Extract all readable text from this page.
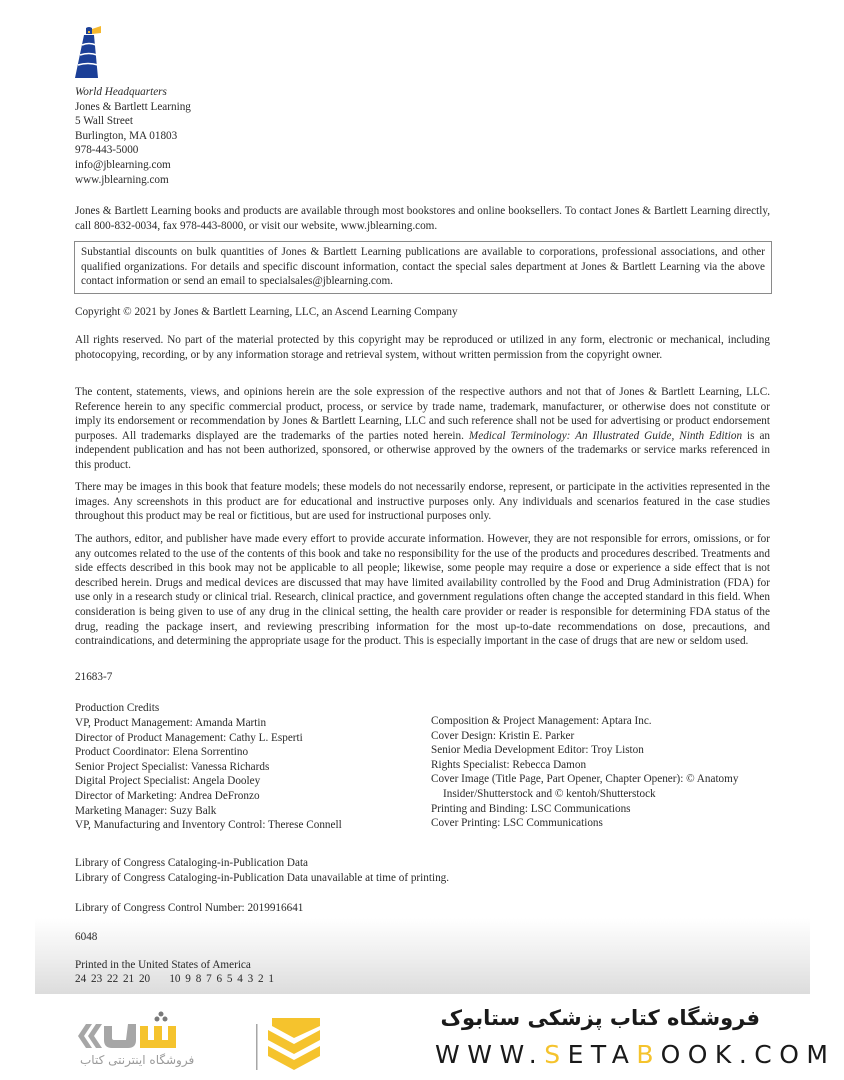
World Headquarters
Jones & Bartlett Learning
5 Wall Street
Burlington, MA 01803
978-443-5000
info@jblearning.com
www.jblearning.com

Jones & Bartlett Learning books and products are available through most bookstores and online booksellers. To contact Jones & Bartlett Learning directly, call 800-832-0034, fax 978-443-8000, or visit our website, www.jblearning.com.

Substantial discounts on bulk quantities of Jones & Bartlett Learning publications are available to corporations, professional associations, and other qualified organizations. For details and specific discount information, contact the special sales department at Jones & Bartlett Learning via the above contact information or send an email to specialsales@jblearning.com.
Copyright © 2021 by Jones & Bartlett Learning, LLC, an Ascend Learning Company

All rights reserved. No part of the material protected by this copyright may be reproduced or utilized in any form, electronic or mechanical, including photocopying, recording, or by any information storage and retrieval system, without written permission from the copyright owner.

The content, statements, views, and opinions herein are the sole expression of the respective authors and not that of Jones & Bartlett Learning, LLC. Reference herein to any specific commercial product, process, or service by trade name, trademark, manufacturer, or otherwise does not constitute or imply its endorsement or recommendation by Jones & Bartlett Learning, LLC and such reference shall not be used for advertising or product endorsement purposes. All trademarks displayed are the trademarks of the parties noted herein. Medical Terminology: An Illustrated Guide, Ninth Edition is an independent publication and has not been authorized, sponsored, or otherwise approved by the owners of the trademarks or service marks referenced in this product.

There may be images in this book that feature models; these models do not necessarily endorse, represent, or participate in the activities represented in the images. Any screenshots in this product are for educational and instructive purposes only. Any individuals and scenarios featured in the case studies throughout this product may be real or fictitious, but are used for instructional purposes only.

The authors, editor, and publisher have made every effort to provide accurate information. However, they are not responsible for errors, omissions, or for any outcomes related to the use of the contents of this book and take no responsibility for the use of the products and procedures described. Treatments and side effects described in this book may not be applicable to all people; likewise, some people may require a dose or experience a side effect that is not described herein. Drugs and medical devices are discussed that may have limited availability controlled by the Food and Drug Administration (FDA) for use only in a research study or clinical trial. Research, clinical practice, and government regulations often change the accepted standard in this field. When consideration is being given to use of any drug in the clinical setting, the health care provider or reader is responsible for determining FDA status of the drug, reading the package insert, and reviewing prescribing information for the most up-to-date recommendations on dose, precautions, and contraindications, and determining the appropriate usage for the product. This is especially important in the case of drugs that are new or seldom used.

21683-7
Production Credits
VP, Product Management: Amanda Martin
Director of Product Management: Cathy L. Esperti
Product Coordinator: Elena Sorrentino
Senior Project Specialist: Vanessa Richards
Digital Project Specialist: Angela Dooley
Director of Marketing: Andrea DeFronzo
Marketing Manager: Suzy Balk
VP, Manufacturing and Inventory Control: Therese Connell
Composition & Project Management: Aptara Inc.
Cover Design: Kristin E. Parker
Senior Media Development Editor: Troy Liston
Rights Specialist: Rebecca Damon
Cover Image (Title Page, Part Opener, Chapter Opener): © Anatomy
Insider/Shutterstock and © kentoh/Shutterstock
Printing and Binding: LSC Communications
Cover Printing: LSC Communications
Library of Congress Cataloging-in-Publication Data
Library of Congress Cataloging-in-Publication Data unavailable at time of printing.
Library of Congress Control Number: 2019916641
6048
Printed in the United States of America
24 23 22 21 20    10 9 8 7 6 5 4 3 2 1
فروشگاه اینترنتی کتاب
فروشگاه کتاب پزشکی ستابوک
WWW.SETABOOK.COM
